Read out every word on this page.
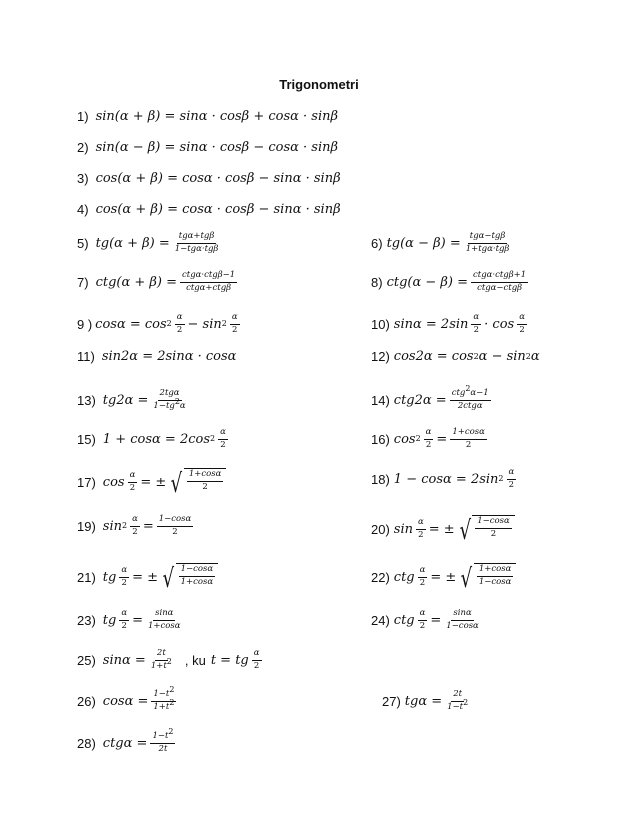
Trigonometri
1) sin(α + β) = sinα · cosβ + cosα · sinβ
2) sin(α − β) = sinα · cosβ − cosα · sinβ
3) cos(α + β) = cosα · cosβ − sinα · sinβ
4) cos(α + β) = cosα · cosβ − sinα · sinβ
5) $tg(\alpha + \beta) = \frac{\text{tgα+tgβ}}{\text{1−tgα·tgβ}}$	6) $tg(\alpha - \beta) = \frac{\text{tgα−tgβ}}{\text{1+tgα·tgβ}}$
7) $ctg(\alpha + \beta) = \frac{\text{ctgα·ctgβ−1}}{\text{ctgα+ctgβ}}$	8) $ctg(\alpha - \beta) = \frac{\text{ctgα·ctgβ+1}}{\text{ctgα−ctgβ}}$
9 ) $\cos\alpha = \cos 2 \frac{\alpha}{2} - \sin 2 \frac{\alpha}{2}$	10) $\sin\alpha = 2\sin \frac{\alpha}{2} \cdot \cos \frac{\alpha}{2}$
11) sin2α = 2sinα · cosα	12) cos2α = cos 2 α − sin 2 α
13) $tg2\alpha = \frac{\text{2tgα}}{1-tg2\alpha}$	14) $ctg2\alpha = \frac{\text{ctg2α−1}}{\text{2ctgα}}$
15) 1 + cosα = 2cos $2 \frac{\alpha}{2}$	16) $\cos 2 \frac{\alpha}{2} = \frac{1+\cos\alpha}{2}$
17) $\cos \frac{\alpha}{2}$ = ± √ $\frac{1+\cos\alpha}{2}$	18) 1 − cosα = 2sin $2 \frac{\alpha}{2}$
19) $\sin 2 \frac{\alpha}{2} = \frac{1-\cos\alpha}{2}$	20) $\sin \frac{\alpha}{2}$ = ± √ $\frac{1-\cos\alpha}{2}$
21) tg $\frac{\alpha}{2}$ = ± √ $\frac{1-\cos\alpha}{1+\cos\alpha}$	22) ctg $\frac{\alpha}{2}$ = ± √ $\frac{1+\cos\alpha}{1-\cos\alpha}$
23) tg $\frac{\alpha}{2} = \frac{\sin\alpha}{1+\cos\alpha}$	24) ctg $\frac{\alpha}{2} = \frac{\sin\alpha}{1-\cos\alpha}$
25) $\sin\alpha = \frac{2t}{1+t2}$ , ku t = tg $\frac{\alpha}{2}$
26) $\cos\alpha = \frac{1-t2}{1+t2}$	27) $tg\alpha = \frac{2t}{1-t2}$
28) $ctg\alpha = \frac{1-t2}{2t}$
